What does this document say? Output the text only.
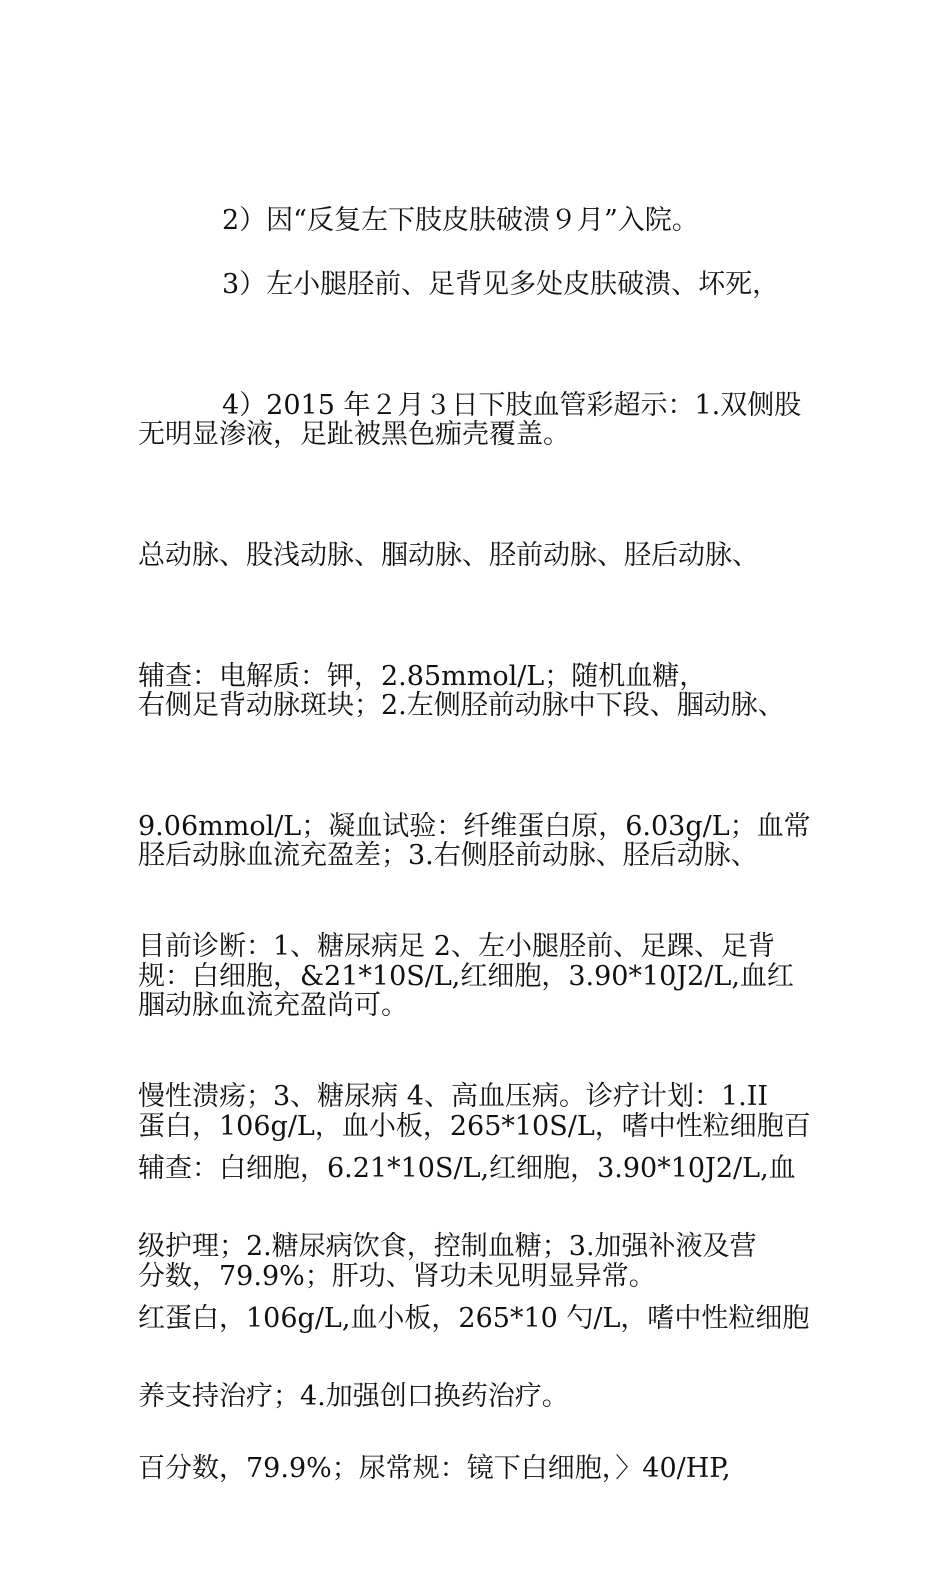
2）因“反复左下肢皮肤破溃９月”入院。

3）左小腿胫前、足背见多处皮肤破溃、坏死，

无明显渗液，足趾被黑色痂壳覆盖。

4）2015 年２月３日下肢血管彩超示：1.双侧股

总动脉、股浅动脉、腘动脉、胫前动脉、胫后动脉、

右侧足背动脉斑块；2.左侧胫前动脉中下段、腘动脉、

胫后动脉血流充盈差；3.右侧胫前动脉、胫后动脉、

腘动脉血流充盈尚可。

辅查：电解质：钾，2.85mmol/L；随机血糖，

9.06mmol/L；凝血试验：纤维蛋白原，6.03g/L；血常

规：白细胞，&21*10S/L,红细胞，3.90*10J2/L,血红

蛋白，106g/L，血小板，265*10S/L，嗜中性粒细胞百

分数，79.9%；肝功、肾功未见明显异常。

目前诊断：1、糖尿病足 2、左小腿胫前、足踝、足背

慢性溃疡；3、糖尿病 4、高血压病。诊疗计划：1.II

级护理；2.糖尿病饮食，控制血糖；3.加强补液及营

养支持治疗；4.加强创口换药治疗。

辅查：白细胞，6.21*10S/L,红细胞，3.90*10J2/L,血

红蛋白，106g/L,血小板，265*10 勺/L，嗜中性粒细胞

百分数，79.9%；尿常规：镜下白细胞，〉40/HP,
